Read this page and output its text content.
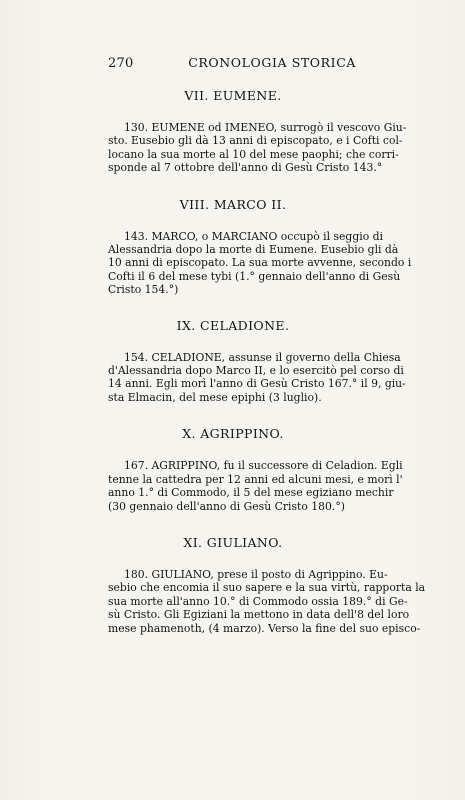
270	CRONOLOGIA STORICA
VII. EUMENE.
130. EUMENE od IMENEO, surrogò il vescovo Giu-
sto. Eusebio gli dà 13 anni di episcopato, e i Cofti col-
locano la sua morte al 10 del mese paophi; che corri-
sponde al 7 ottobre dell'anno di Gesù Cristo 143.°
VIII. MARCO II.
143. MARCO, o MARCIANO occupò il seggio di
Alessandria dopo la morte di Eumene. Eusebio gli dà
10 anni di episcopato. La sua morte avvenne, secondo i
Cofti il 6 del mese tybi (1.° gennaio dell'anno di Gesù
Cristo 154.°)
IX. CELADIONE.
154. CELADIONE, assunse il governo della Chiesa
d'Alessandria dopo Marco II, e lo esercitò pel corso di
14 anni. Egli morì l'anno di Gesù Cristo 167.° il 9, giu-
sta Elmacin, del mese epiphi (3 luglio).
X. AGRIPPINO.
167. AGRIPPINO, fu il successore di Celadion. Egli
tenne la cattedra per 12 anni ed alcuni mesi, e morì l'
anno 1.° di Commodo, il 5 del mese egiziano mechir
(30 gennaio dell'anno di Gesù Cristo 180.°)
XI. GIULIANO.
180. GIULIANO, prese il posto di Agrippino. Eu-
sebio che encomia il suo sapere e la sua virtù, rapporta la
sua morte all'anno 10.° di Commodo ossia 189.° di Ge-
sù Cristo. Gli Egiziani la mettono in data dell'8 del loro
mese phamenoth, (4 marzo). Verso la fine del suo episco-
